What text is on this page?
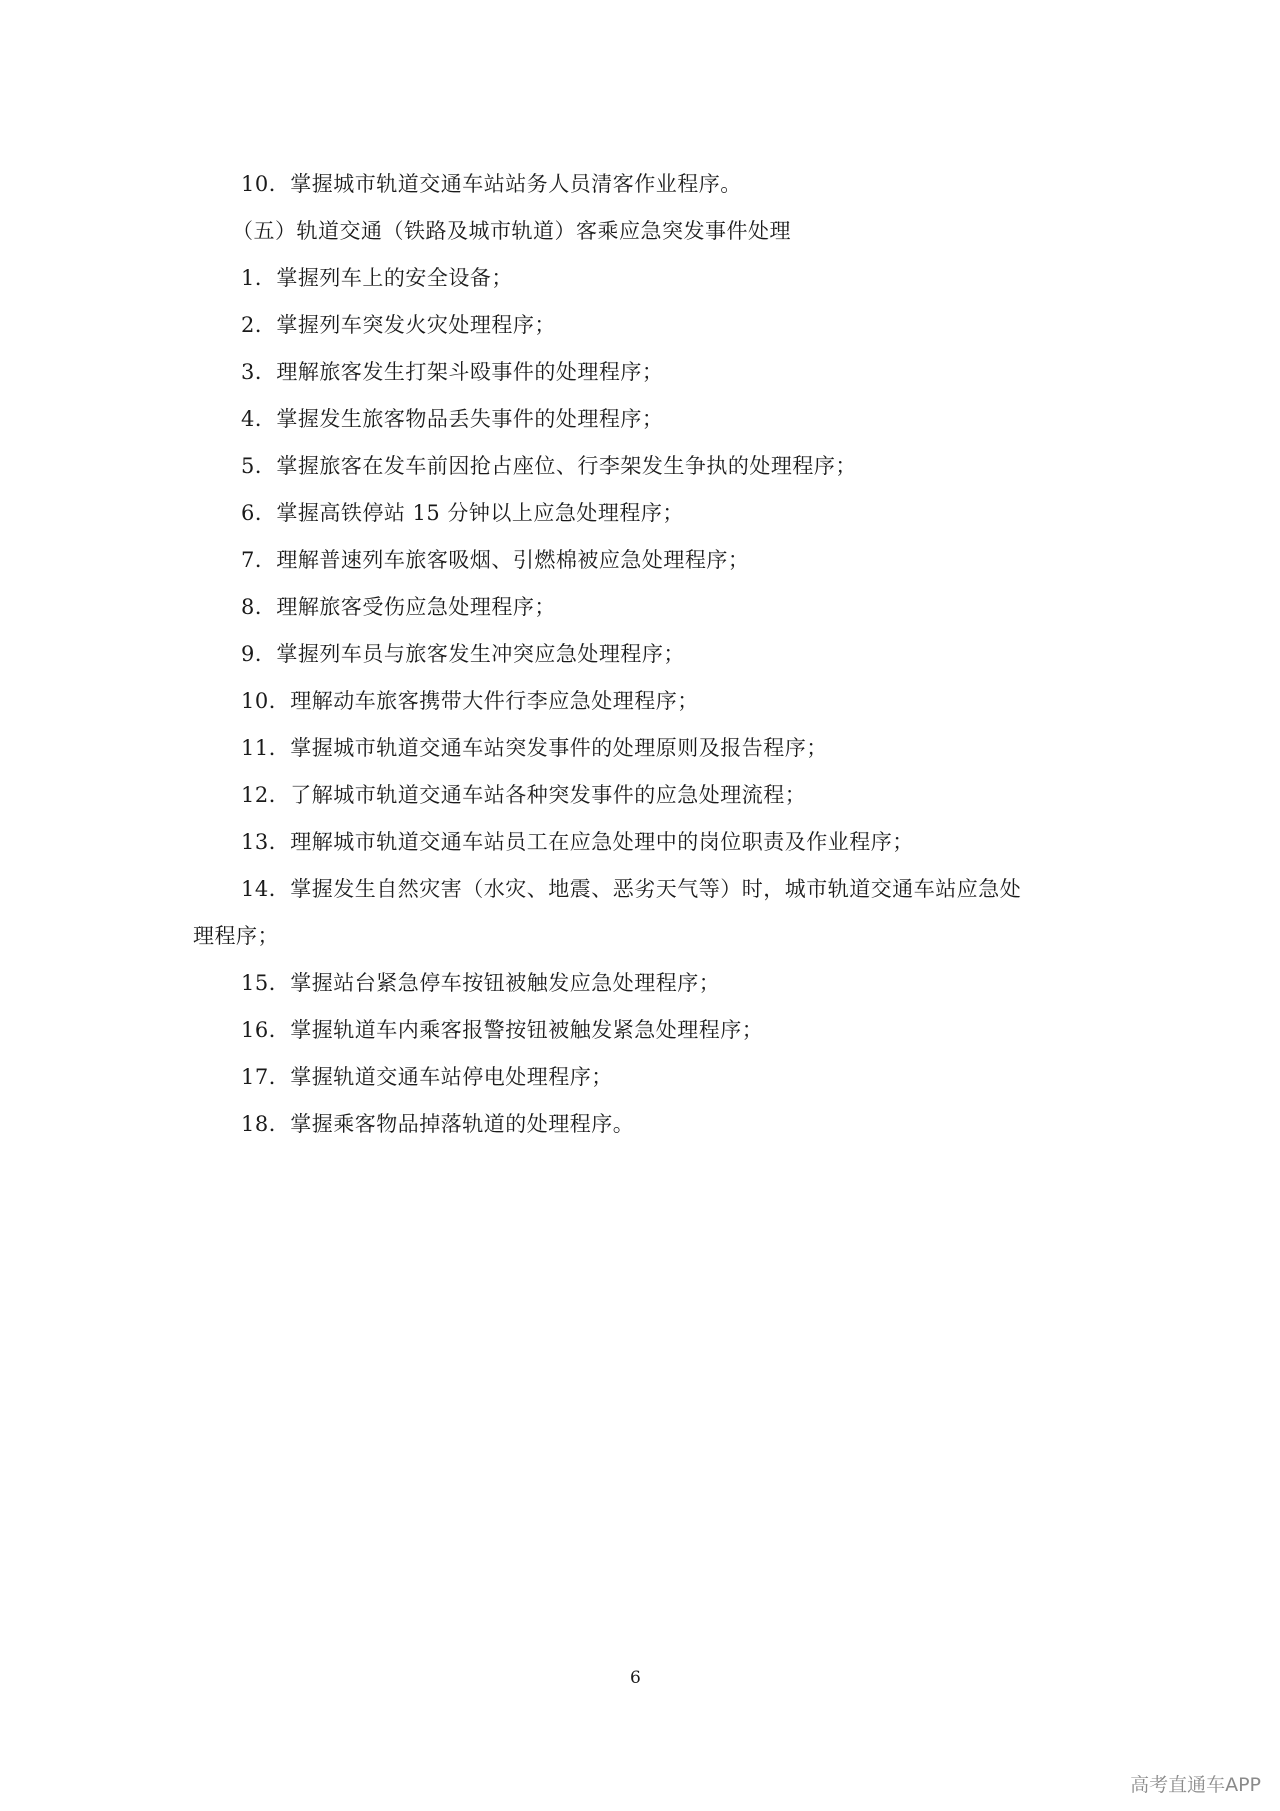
10．掌握城市轨道交通车站站务人员清客作业程序。
（五）轨道交通（铁路及城市轨道）客乘应急突发事件处理
1．掌握列车上的安全设备；
2．掌握列车突发火灾处理程序；
3．理解旅客发生打架斗殴事件的处理程序；
4．掌握发生旅客物品丢失事件的处理程序；
5．掌握旅客在发车前因抢占座位、行李架发生争执的处理程序；
6．掌握高铁停站 15 分钟以上应急处理程序；
7．理解普速列车旅客吸烟、引燃棉被应急处理程序；
8．理解旅客受伤应急处理程序；
9．掌握列车员与旅客发生冲突应急处理程序；
10．理解动车旅客携带大件行李应急处理程序；
11．掌握城市轨道交通车站突发事件的处理原则及报告程序；
12．了解城市轨道交通车站各种突发事件的应急处理流程；
13．理解城市轨道交通车站员工在应急处理中的岗位职责及作业程序；
14．掌握发生自然灾害（水灾、地震、恶劣天气等）时，城市轨道交通车站应急处
理程序；
15．掌握站台紧急停车按钮被触发应急处理程序；
16．掌握轨道车内乘客报警按钮被触发紧急处理程序；
17．掌握轨道交通车站停电处理程序；
18．掌握乘客物品掉落轨道的处理程序。
6
高考直通车APP
